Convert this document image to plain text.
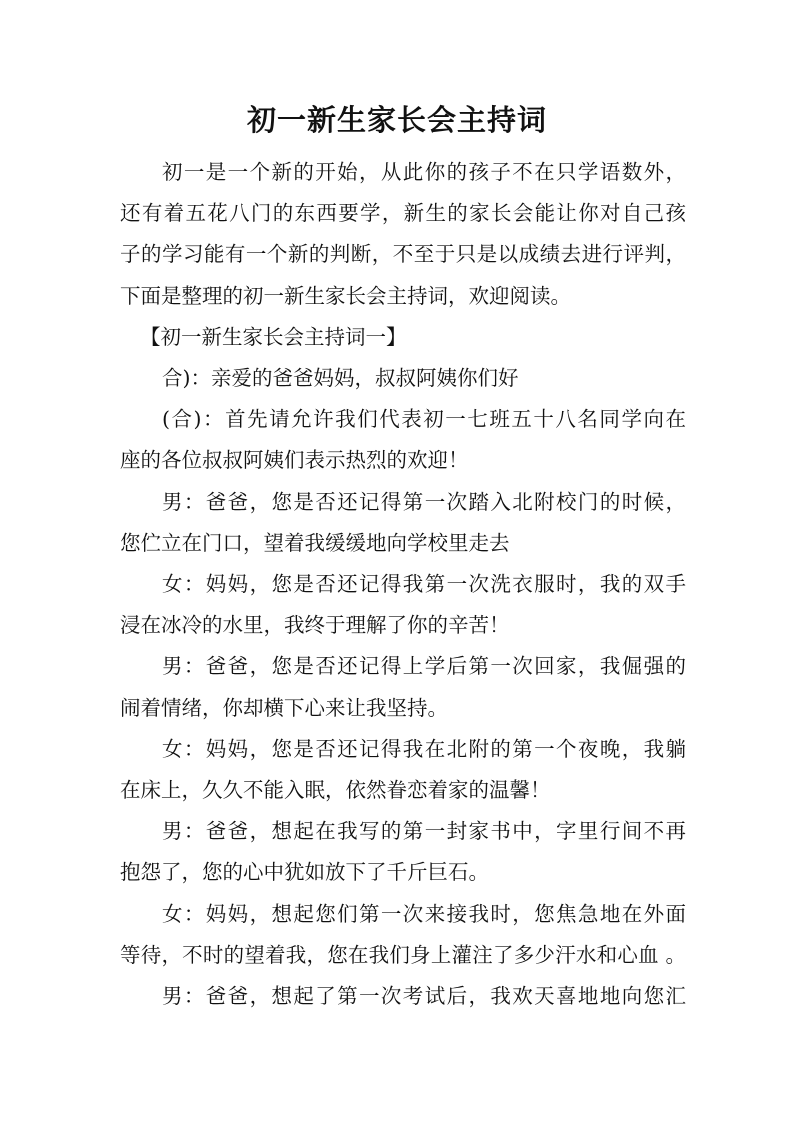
初一新生家长会主持词
初一是一个新的开始，从此你的孩子不在只学语数外，
还有着五花八门的东西要学，新生的家长会能让你对自己孩
子的学习能有一个新的判断，不至于只是以成绩去进行评判，
下面是整理的初一新生家长会主持词，欢迎阅读。
【初一新生家长会主持词一】
合)：亲爱的爸爸妈妈，叔叔阿姨你们好
(合)：首先请允许我们代表初一七班五十八名同学向在
座的各位叔叔阿姨们表示热烈的欢迎！
男：爸爸，您是否还记得第一次踏入北附校门的时候，
您伫立在门口，望着我缓缓地向学校里走去
女：妈妈，您是否还记得我第一次洗衣服时，我的双手
浸在冰冷的水里，我终于理解了你的辛苦！
男：爸爸，您是否还记得上学后第一次回家，我倔强的
闹着情绪，你却横下心来让我坚持。
女：妈妈，您是否还记得我在北附的第一个夜晚，我躺
在床上，久久不能入眠，依然眷恋着家的温馨！
男：爸爸，想起在我写的第一封家书中，字里行间不再
抱怨了，您的心中犹如放下了千斤巨石。
女：妈妈，想起您们第一次来接我时，您焦急地在外面
等待，不时的望着我，您在我们身上灌注了多少汗水和心血 。
男：爸爸，想起了第一次考试后，我欢天喜地地向您汇
